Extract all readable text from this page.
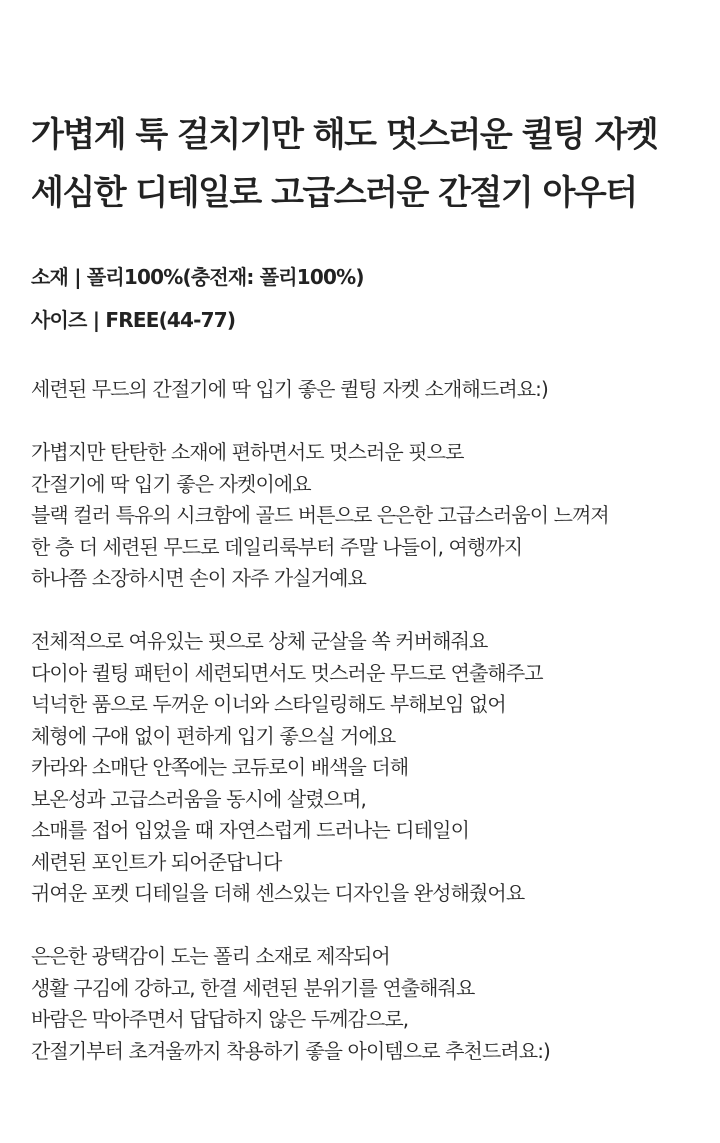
가볍게 툭 걸치기만 해도 멋스러운 퀼팅 자켓
세심한 디테일로 고급스러운 간절기 아우터
소재 | 폴리100%(충전재: 폴리100%)
사이즈 | FREE(44-77)
세련된 무드의 간절기에 딱 입기 좋은 퀼팅 자켓 소개해드려요:)
가볍지만 탄탄한 소재에 편하면서도 멋스러운 핏으로
간절기에 딱 입기 좋은 자켓이에요
블랙 컬러 특유의 시크함에 골드 버튼으로 은은한 고급스러움이 느껴져
한 층 더 세련된 무드로 데일리룩부터 주말 나들이, 여행까지
하나쯤 소장하시면 손이 자주 가실거예요
전체적으로 여유있는 핏으로 상체 군살을 쏙 커버해줘요
다이아 퀼팅 패턴이 세련되면서도 멋스러운 무드로 연출해주고
넉넉한 품으로 두꺼운 이너와 스타일링해도 부해보임 없어
체형에 구애 없이 편하게 입기 좋으실 거에요
카라와 소매단 안쪽에는 코듀로이 배색을 더해
보온성과 고급스러움을 동시에 살렸으며,
소매를 접어 입었을 때 자연스럽게 드러나는 디테일이
세련된 포인트가 되어준답니다
귀여운 포켓 디테일을 더해 센스있는 디자인을 완성해줬어요
은은한 광택감이 도는 폴리 소재로 제작되어
생활 구김에 강하고, 한결 세련된 분위기를 연출해줘요
바람은 막아주면서 답답하지 않은 두께감으로,
간절기부터 초겨울까지 착용하기 좋을 아이템으로 추천드려요:)
